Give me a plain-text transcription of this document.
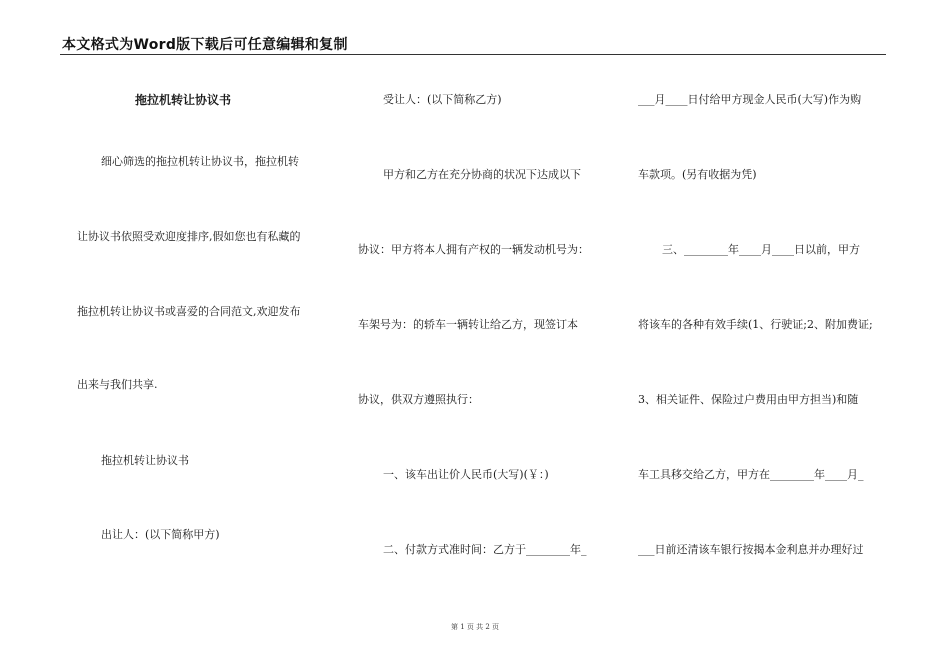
本文格式为Word版下载后可任意编辑和复制
拖拉机转让协议书
细心筛选的拖拉机转让协议书，拖拉机转
让协议书依照受欢迎度排序,假如您也有私藏的
拖拉机转让协议书或喜爱的合同范文,欢迎发布
出来与我们共享.
拖拉机转让协议书
出让人：(以下简称甲方)
受让人：(以下简称乙方)
甲方和乙方在充分协商的状况下达成以下
协议：甲方将本人拥有产权的一辆发动机号为：
车架号为：的轿车一辆转让给乙方，现签订本
协议，供双方遵照执行：
一、该车出让价人民币(大写)(￥：)
二、付款方式准时间：乙方于________年_
___月____日付给甲方现金人民币(大写)作为购
车款项。(另有收据为凭)
三、________年____月____日以前，甲方
将该车的各种有效手续(1、行驶证;2、附加费证;
3、相关证件、保险过户费用由甲方担当)和随
车工具移交给乙方，甲方在________年____月_
___日前还清该车银行按揭本金利息并办理好过
第 1 页 共 2 页
